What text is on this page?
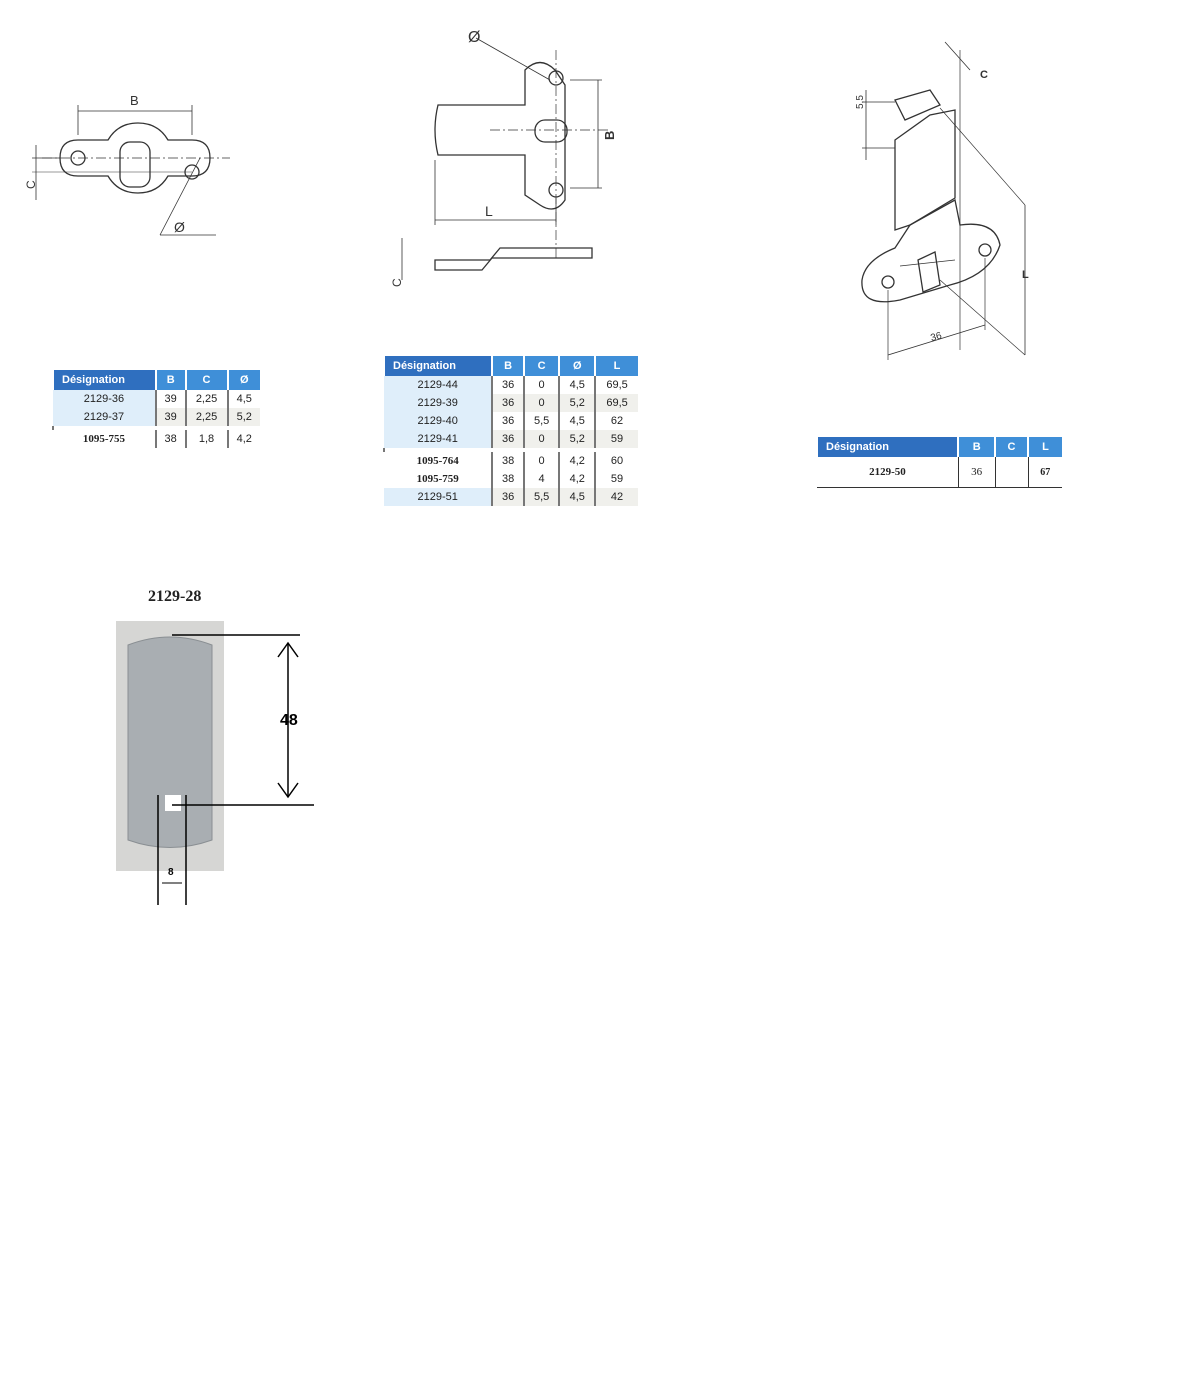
B
C
Ø
Ø
B
L
C
C
5,5
L
36
Désignation	B	C	Ø
2129-36	39	2,25	4,5
2129-37	39	2,25	5,2

1095-755	38	1,8	4,2
Désignation	B	C	Ø	L
2129-44	36	0	4,5	69,5
2129-39	36	0	5,2	69,5
2129-40	36	5,5	4,5	62
2129-41	36	0	5,2	59

1095-764	38	0	4,2	60
1095-759	38	4	4,2	59
2129-51	36	5,5	4,5	42
Désignation	B	C	L
2129-50	36		67
2129-28
48
8
